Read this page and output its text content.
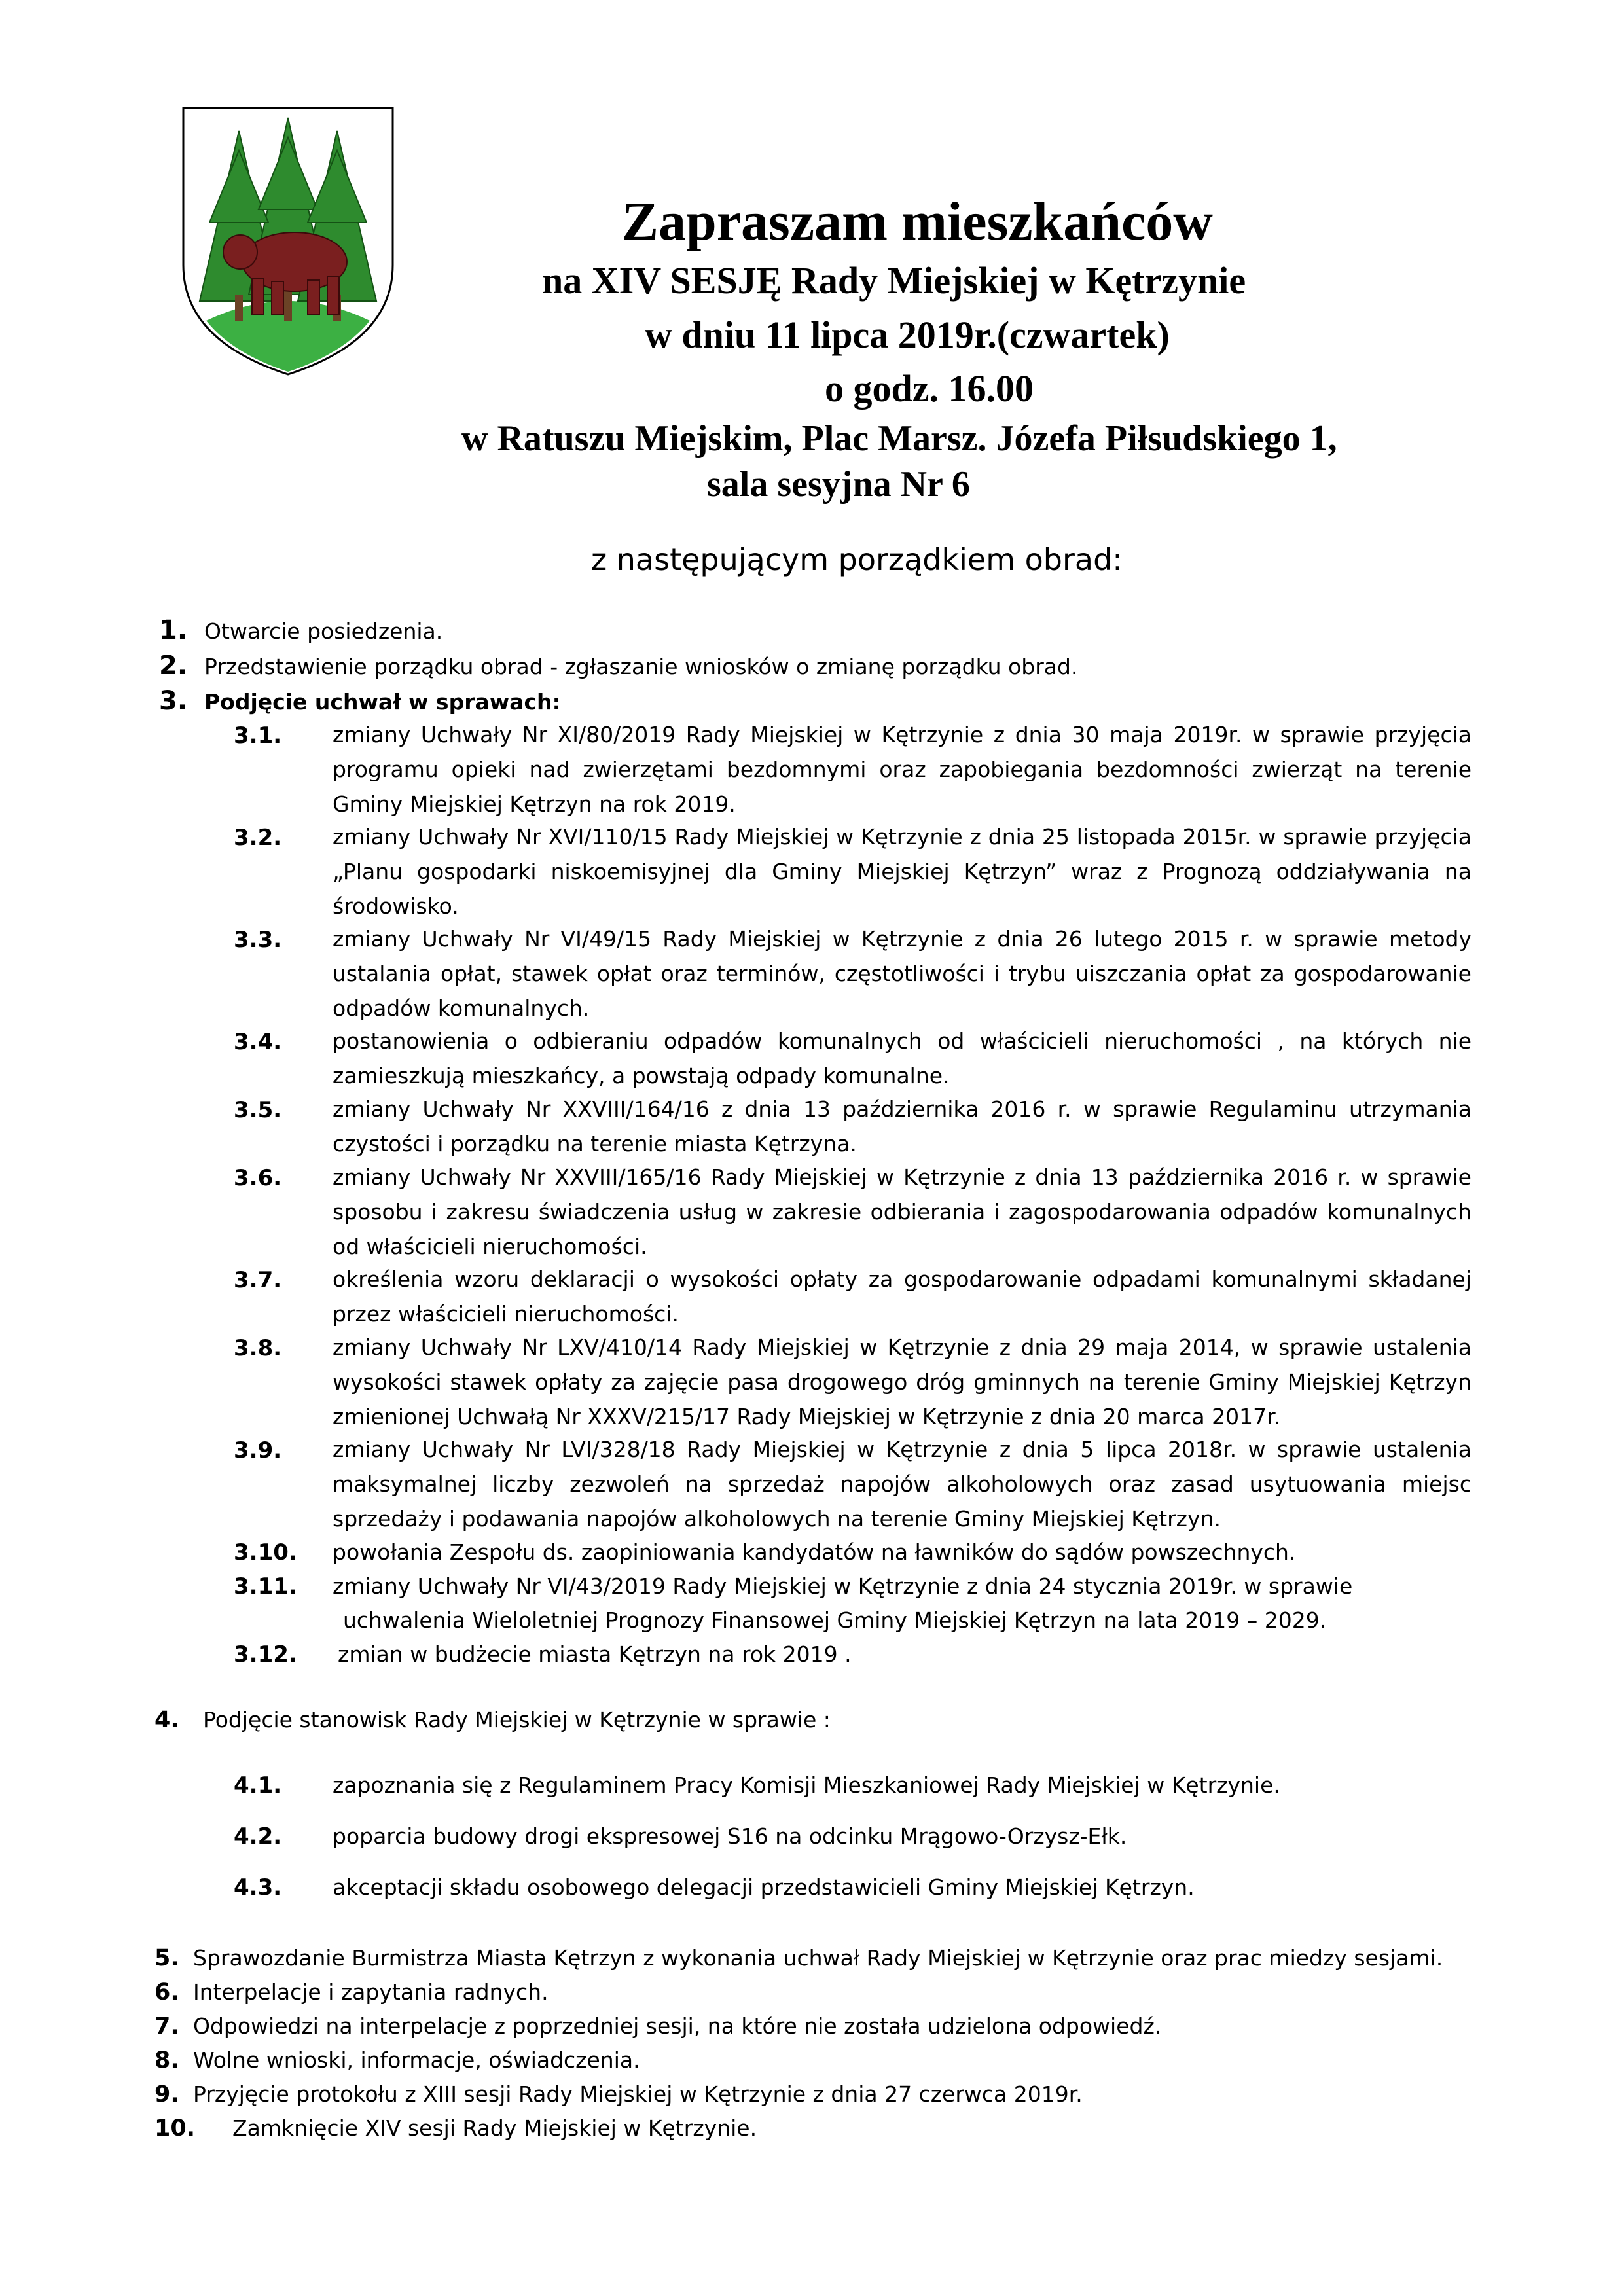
Zapraszam mieszkańców
na XIV SESJĘ Rady Miejskiej w Kętrzynie
w dniu 11 lipca 2019r.(czwartek)
o godz. 16.00
w Ratuszu Miejskim, Plac Marsz. Józefa Piłsudskiego 1,
sala sesyjna Nr 6
z następującym porządkiem obrad:
1. Otwarcie posiedzenia.
2. Przedstawienie porządku obrad - zgłaszanie wniosków o zmianę porządku obrad.
3. Podjęcie uchwał w sprawach:
3.1. zmiany Uchwały Nr XI/80/2019 Rady Miejskiej w Kętrzynie z dnia 30 maja 2019r. w sprawie przyjęcia programu opieki nad zwierzętami bezdomnymi oraz zapobiegania bezdomności zwierząt na terenie Gminy Miejskiej Kętrzyn na rok 2019.
3.2. zmiany Uchwały Nr XVI/110/15 Rady Miejskiej w Kętrzynie z dnia 25 listopada 2015r. w sprawie przyjęcia „Planu gospodarki niskoemisyjnej dla Gminy Miejskiej Kętrzyn” wraz z Prognozą oddziaływania na środowisko.
3.3. zmiany Uchwały Nr VI/49/15 Rady Miejskiej w Kętrzynie z dnia 26 lutego 2015 r. w sprawie metody ustalania opłat, stawek opłat oraz terminów, częstotliwości i trybu uiszczania opłat za gospodarowanie odpadów komunalnych.
3.4. postanowienia o odbieraniu odpadów komunalnych od właścicieli nieruchomości , na których nie zamieszkują mieszkańcy, a powstają odpady komunalne.
3.5. zmiany Uchwały Nr XXVIII/164/16 z dnia 13 października 2016 r. w sprawie Regulaminu utrzymania czystości i porządku na terenie miasta Kętrzyna.
3.6. zmiany Uchwały Nr XXVIII/165/16 Rady Miejskiej w Kętrzynie z dnia 13 października 2016 r. w sprawie sposobu i zakresu świadczenia usług w zakresie odbierania i zagospodarowania odpadów komunalnych od właścicieli nieruchomości.
3.7. określenia wzoru deklaracji o wysokości opłaty za gospodarowanie odpadami komunalnymi składanej przez właścicieli nieruchomości.
3.8. zmiany Uchwały Nr LXV/410/14 Rady Miejskiej w Kętrzynie z dnia 29 maja 2014, w sprawie ustalenia wysokości stawek opłaty za zajęcie pasa drogowego dróg gminnych na terenie Gminy Miejskiej Kętrzyn zmienionej Uchwałą Nr XXXV/215/17 Rady Miejskiej w Kętrzynie z dnia 20 marca 2017r.
3.9. zmiany Uchwały Nr LVI/328/18 Rady Miejskiej w Kętrzynie z dnia 5 lipca 2018r. w sprawie ustalenia maksymalnej liczby zezwoleń na sprzedaż napojów alkoholowych oraz zasad usytuowania miejsc sprzedaży i podawania napojów alkoholowych na terenie Gminy Miejskiej Kętrzyn.
3.10. powołania Zespołu ds. zaopiniowania kandydatów na ławników do sądów powszechnych.
3.11. zmiany Uchwały Nr VI/43/2019 Rady Miejskiej w Kętrzynie z dnia 24 stycznia 2019r. w sprawie
uchwalenia Wieloletniej Prognozy Finansowej Gminy Miejskiej Kętrzyn na lata 2019 – 2029.
3.12. zmian w budżecie miasta Kętrzyn na rok 2019 .
4. Podjęcie stanowisk Rady Miejskiej w Kętrzynie w sprawie :
4.1. zapoznania się z Regulaminem Pracy Komisji Mieszkaniowej Rady Miejskiej w Kętrzynie.
4.2. poparcia budowy drogi ekspresowej S16 na odcinku Mrągowo-Orzysz-Ełk.
4.3. akceptacji składu osobowego delegacji przedstawicieli Gminy Miejskiej Kętrzyn.
5. Sprawozdanie Burmistrza Miasta Kętrzyn z wykonania uchwał Rady Miejskiej w Kętrzynie oraz prac miedzy sesjami.
6. Interpelacje i zapytania radnych.
7. Odpowiedzi na interpelacje z poprzedniej sesji, na które nie została udzielona odpowiedź.
8. Wolne wnioski, informacje, oświadczenia.
9. Przyjęcie protokołu z XIII sesji Rady Miejskiej w Kętrzynie z dnia 27 czerwca 2019r.
10. Zamknięcie XIV sesji Rady Miejskiej w Kętrzynie.
